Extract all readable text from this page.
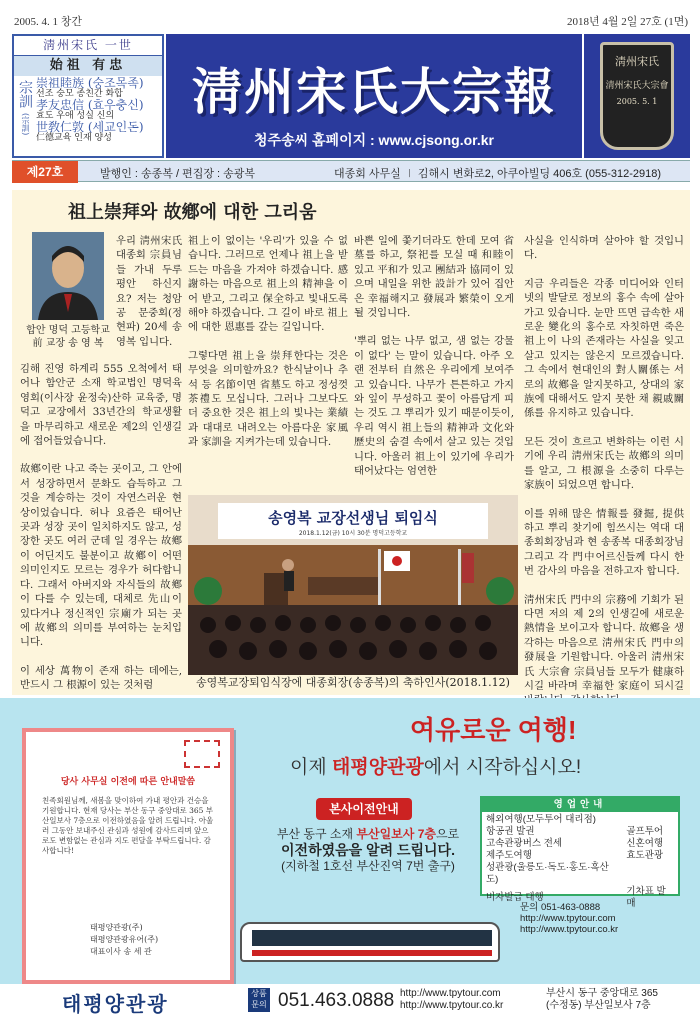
2005. 4. 1 창간	2018년 4월 2일 27호 (1면)
淸州宋氏 一世
始祖 有忠
宗訓 (宗訓)
崇祖睦族 (숭조목족)
선조 숭모 종친간 화합
孝友忠信 (효우충신)
효도 우애 성실 신의
世敎仁敦 (세교인돈)
仁德교육 인재 양성
淸州宋氏大宗報
청주송씨 홈페이지 : www.cjsong.or.kr
淸州宋氏
淸州宋氏大宗會
2005. 5. 1
제27호	발행인 : 송종복 / 편집장 : 송광복	대종회 사무실 ∣ 김해시 변화로2, 아쿠아빌딩 406호 (055-312-2918)
祖上崇拜와 故鄕에 대한 그리움
합안 명덕 고등학교
前 교장 송 영 복
우리 淸州宋氏 대종회 宗員님들 가내 두루 평안 하신지요? 저는 청암 공 문중회(정현파) 20세 송영복 입니다.

김해 진영 하계리 555 오척에서 태어나 함안군 소재 학교법인 명덕육영회(이사장 윤정숙)산하 교육중, 명덕고 교장에서 33년간의 학교생활을 마무리하고 새로운 제2의 인생길에 접어들었습니다.

故鄕이란 나고 죽는 곳이고, 그 안에서 성장하면서 문화도 습득하고 그것을 계승하는 것이 자연스러운 현상이었습니다. 허나 요즘은 태어난 곳과 성장 곳이 일치하지도 않고, 성장한 곳도 여러 군데 일 경우는 故鄕이 어딘지도 불분이고 故鄕이 어떤 의미인지도 모르는 경우가 허다합니다. 그래서 아버지와 자식들의 故鄕이 다를 수 있는데, 대체로 先山이 있다거나 정신적인 宗廟가 되는 곳에 故鄕의 의미를 부여하는 눈치입니다.

이 세상 萬物이 존재 하는 데에는, 반드시 그 根源이 있는 것처럼

祖上이 없이는 '우리'가 있을 수 없습니다. 그러므로 언제나 祖上을 받드는 마음을 가져야 하겠습니다. 感謝하는 마음으로 祖上의 精神을 이어 받고, 그리고 保全하고 빛내도록 해야 하겠습니다. 그 길이 바로 祖上에 대한 恩惠를 갚는 길입니다.

그렇다면 祖上을 崇拜한다는 것은 무엇을 의미할까요? 한식날이나 추석 등 名節이면 省墓도 하고 정성껏 茶禮도 모십니다. 그러나 그보다도 더 중요한 것은 祖上의 빛나는 業績과 대대로 내려오는 아름다운 家風과 家訓을 지켜가는데 있습니다.

바쁜 일에 쫓기더라도 한데 모여 省墓를 하고, 祭祀를 모실 때 和睦이 있고 平和가 있고 團結과 協同이 있으며 내일을 위한 設計가 있어 집안은 幸福해지고 發展과 繁榮이 오게 될 것입니다.

'뿌리 없는 나무 없고, 샘 없는 강물이 없다' 는 말이 있습니다. 아주 오랜 전부터 自然은 우리에게 보여주고 있습니다. 나무가 튼튼하고 가지와 잎이 무성하고 꽃이 아름답게 피는 것도 그 뿌리가 있기 때문이듯이, 우리 역시 祖上들의 精神과 文化와 歷史의 숨결 속에서 살고 있는 것입니다. 아울러 祖上이 있기에 우리가 태어났다는 엄연한

사실을 인식하며 살아야 할 것입니다.

지금 우리들은 각종 미디어와 인터넷의 발달로 정보의 홍수 속에 살아가고 있습니다. 눈만 뜨면 급속한 새로운 變化의 홍수로 자칫하면 죽은 祖上이 나의 존재라는 사실을 잊고 살고 있지는 않은지 모르겠습니다. 그 속에서 현대인의 對人關係는 서로의 故鄕을 알지못하고, 상대의 家族에 대해서도 알지 못한 채 親戚關係를 유지하고 있습니다.

모든 것이 흐르고 변화하는 이런 시기에 우리 淸州宋氏는 故鄕의 의미를 알고, 그 根源을 소중히 다루는 家族이 되었으면 합니다.

이를 위해 많은 情報를 發掘, 提供하고 뿌리 찾기에 힘쓰시는 역대 대종회회장님과 현 송종복 대종회장님 그리고 각 門中어르신들께 다시 한 번 감사의 마음을 전하고자 합니다.

淸州宋氏 門中의 宗務에 기회가 된다면 저의 제 2의 인생길에 새로운 熱情을 보이고자 합니다. 故鄕을 생각하는 마음으로 淸州宋氏 門中의 發展을 기원합니다. 아울러 淸州宋氏 大宗會 宗員님들 모두가 健康하시길 바라며 幸福한 家庭이 되시길

송영복 교장선생님 퇴임식
2018.1.12(금) 10시 30분 명덕고등학교
송영복교장퇴임식장에 대종회장(송종복)의 축하인사(2018.1.12)
당사 사무실 이전에 따른 안내말씀
친족회원님께, 새봄을 맞이하여 가내 평안과 건승을 기원합니다. 현재 당사는 부산 동구 중앙대로 365 부산일보사 7층으로 이전하였음을 알려 드립니다. 아울러 그동안 보내주신 관심과 성원에 감사드리며 앞으로도 변함없는 관심과 지도 편달을 부탁드립니다. 감사합니다!
태평양관광(주)
태평양관광유어(주)
대표이사 송 세 관
여유로운 여행!
이제 태평양관광에서 시작하십시오!
본사이전안내
부산 동구 소재 부산일보사 7층으로
이전하였음을 알려 드립니다.
(지하철 1호선 부산진역 7번 출구)
영업안내
해외여행(모두투어 대리점)	
항공권 발권	골프투어
고속관광버스 전세	신혼여행
제주도여행	효도관광
성관광(울릉도·독도·홍도·흑산도)	
비자발급 대행	기차표 발매
문의 051-463-0888
http://www.tpytour.com
http://www.tpytour.co.kr
태평양관광
상품문의 051.463.0888 http://www.tpytour.com
http://www.tpytour.co.kr
부산시 동구 중앙대로 365
(수정동) 부산일보사 7층
